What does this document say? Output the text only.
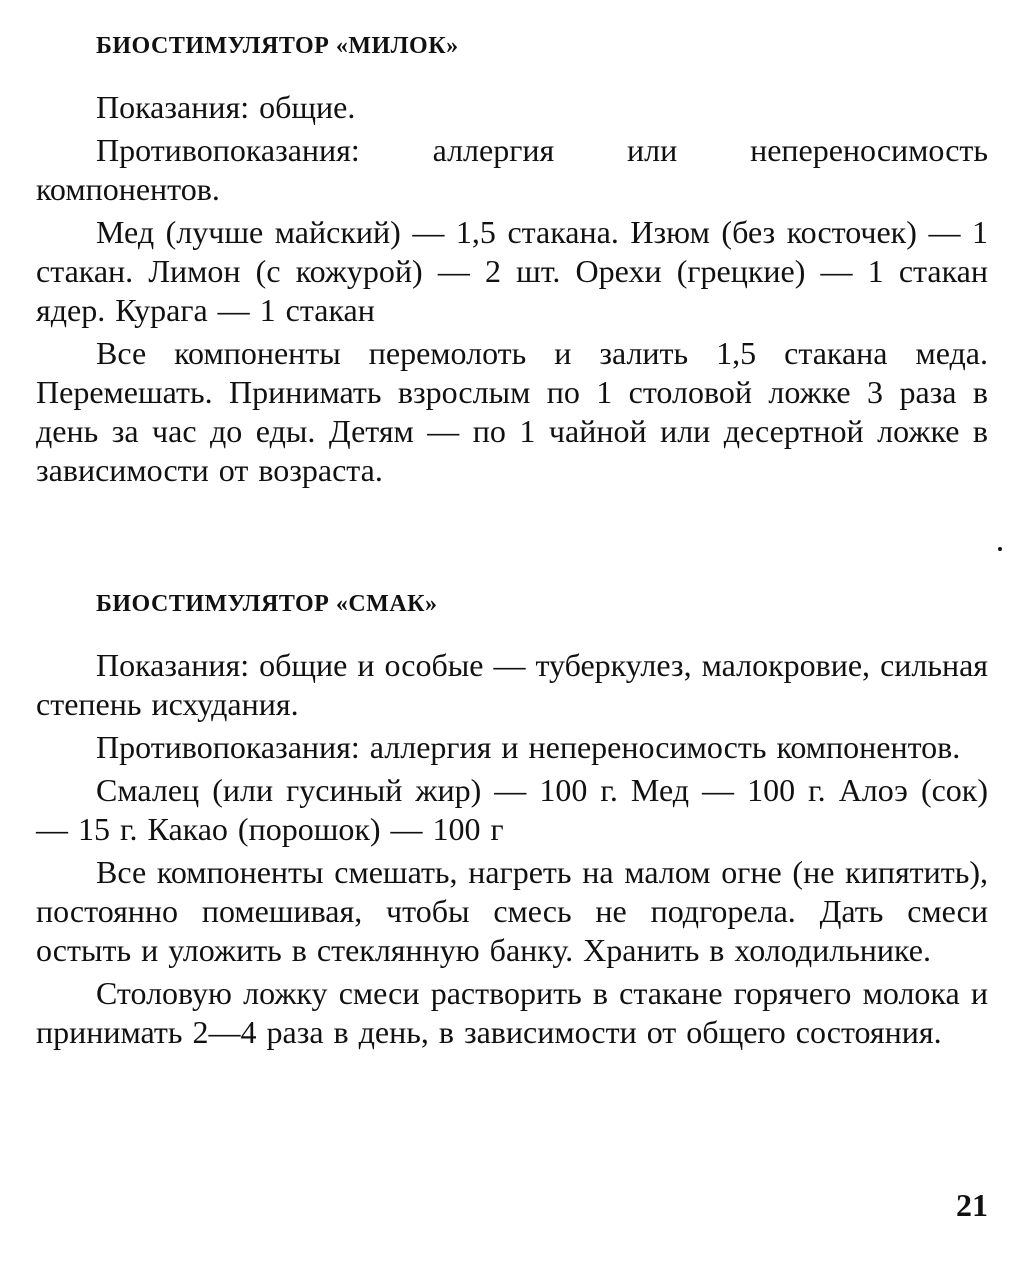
БИОСТИМУЛЯТОР «МИЛОК»

Показания: общие.

Противопоказания: аллергия или непереносимость компонентов.

Мед (лучше майский) — 1,5 стакана. Изюм (без косточек) — 1 стакан. Лимон (с кожурой) — 2 шт. Орехи (грецкие) — 1 стакан ядер. Курага — 1 стакан

Все компоненты перемолоть и залить 1,5 стакана меда. Перемешать. Принимать взрослым по 1 столовой ложке 3 раза в день за час до еды. Детям — по 1 чайной или десертной ложке в зависимости от возраста.

БИОСТИМУЛЯТОР «СМАК»

Показания: общие и особые — туберкулез, малокровие, сильная степень исхудания.

Противопоказания: аллергия и непереносимость компонентов.

Смалец (или гусиный жир) — 100 г. Мед — 100 г. Алоэ (сок) — 15 г. Какао (порошок) — 100 г

Все компоненты смешать, нагреть на малом огне (не кипятить), постоянно помешивая, чтобы смесь не подгорела. Дать смеси остыть и уложить в стеклянную банку. Хранить в холодильнике.

Столовую ложку смеси растворить в стакане горячего молока и принимать 2—4 раза в день, в зависимости от общего состояния.

21
